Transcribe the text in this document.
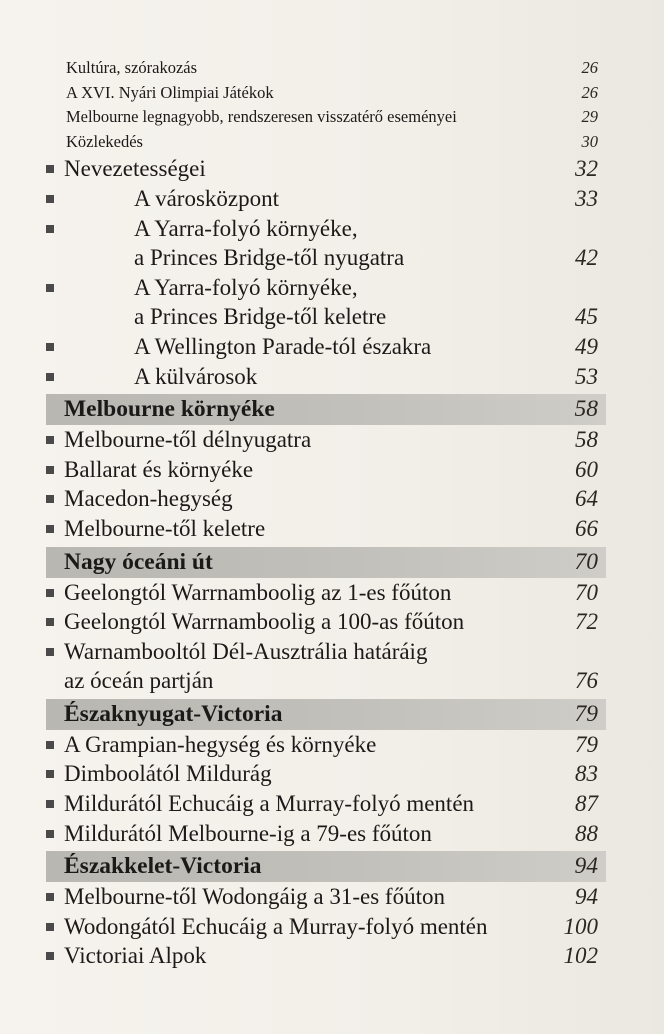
Kultúra, szórakozás	26
A XVI. Nyári Olimpiai Játékok	26
Melbourne legnagyobb, rendszeresen visszatérő eseményei	29
Közlekedés	30
Nevezetességei	32
A városközpont	33
A Yarra-folyó környéke,
a Princes Bridge-től nyugatra	42
A Yarra-folyó környéke,
a Princes Bridge-től keletre	45
A Wellington Parade-tól északra	49
A külvárosok	53
Melbourne környéke	58
Melbourne-től délnyugatra	58
Ballarat és környéke	60
Macedon-hegység	64
Melbourne-től keletre	66
Nagy óceáni út	70
Geelongtól Warrnamboolig az 1-es főúton	70
Geelongtól Warrnamboolig a 100-as főúton	72
Warnambooltól Dél-Ausztrália határáig
az óceán partján	76
Északnyugat-Victoria	79
A Grampian-hegység és környéke	79
Dimboolától Mildurág	83
Mildurától Echucáig a Murray-folyó mentén	87
Mildurától Melbourne-ig a 79-es főúton	88
Északkelet-Victoria	94
Melbourne-től Wodongáig a 31-es főúton	94
Wodongától Echucáig a Murray-folyó mentén	100
Victoriai Alpok	102
